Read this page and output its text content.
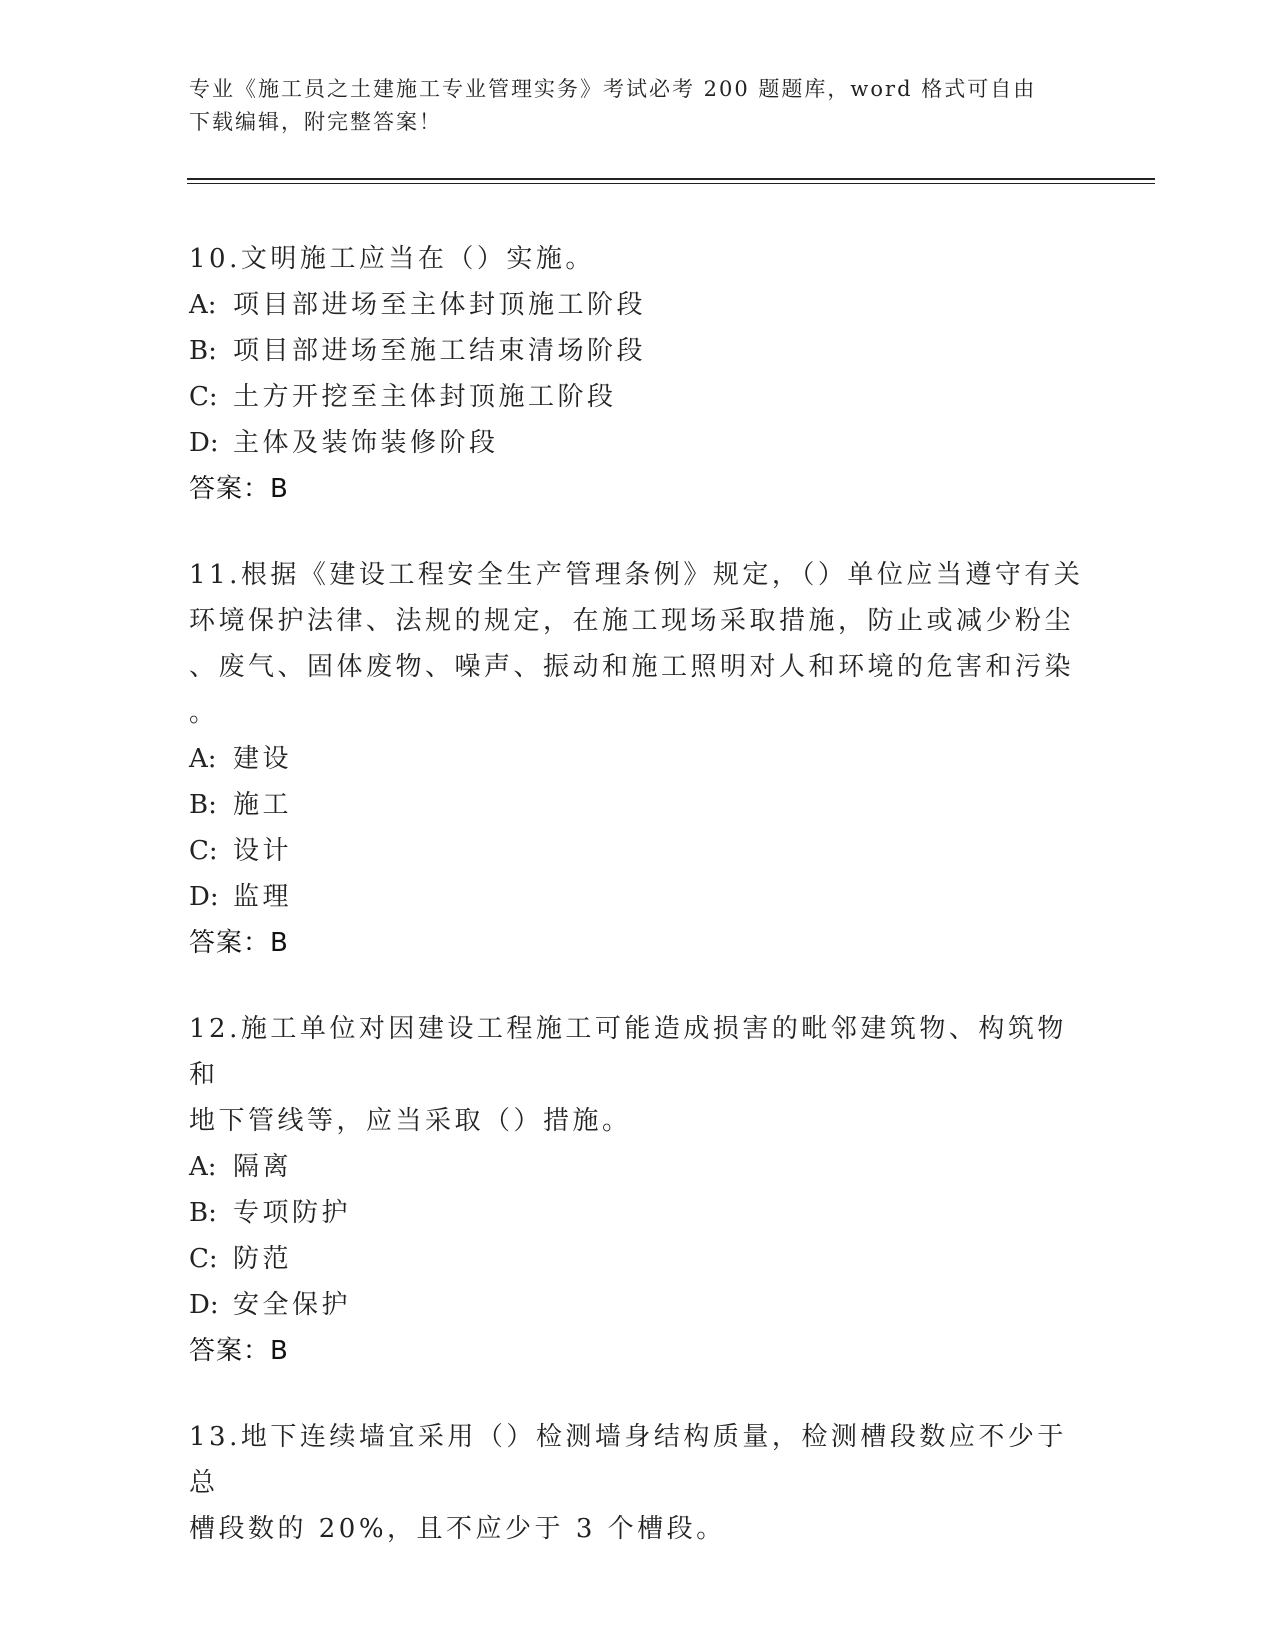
专业《施工员之土建施工专业管理实务》考试必考 200 题题库，word 格式可自由
下载编辑，附完整答案！
10.文明施工应当在（）实施。
A: 项目部进场至主体封顶施工阶段
B: 项目部进场至施工结束清场阶段
C: 土方开挖至主体封顶施工阶段
D: 主体及装饰装修阶段
答案：B
11.根据《建设工程安全生产管理条例》规定，（）单位应当遵守有关
环境保护法律、法规的规定，在施工现场采取措施，防止或减少粉尘
、废气、固体废物、噪声、振动和施工照明对人和环境的危害和污染
。
A: 建设
B: 施工
C: 设计
D: 监理
答案：B
12.施工单位对因建设工程施工可能造成损害的毗邻建筑物、构筑物和
地下管线等，应当采取（）措施。
A: 隔离
B: 专项防护
C: 防范
D: 安全保护
答案：B
13.地下连续墙宜采用（）检测墙身结构质量，检测槽段数应不少于总
槽段数的 20%，且不应少于 3 个槽段。
